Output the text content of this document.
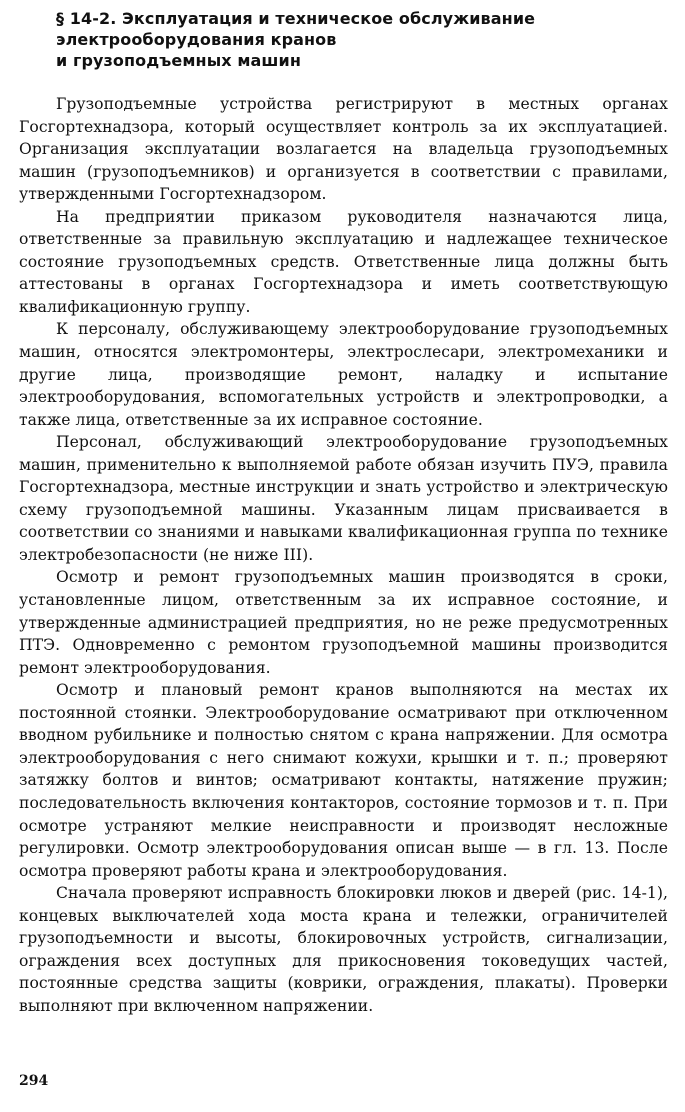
§ 14-2. Эксплуатация и техническое обслуживание
электрооборудования кранов
и грузоподъемных машин

Грузоподъемные устройства регистрируют в местных органах Госгортехнадзора, который осуществляет контроль за их эксплуатацией. Организация эксплуатации возлагается на владельца грузоподъемных машин (грузоподъемников) и организуется в соответствии с правилами, утвержденными Госгортехнадзором.

На предприятии приказом руководителя назначаются лица, ответственные за правильную эксплуатацию и надлежащее техническое состояние грузоподъемных средств. Ответственные лица должны быть аттестованы в органах Госгортехнадзора и иметь соответствующую квалификационную группу.

К персоналу, обслуживающему электрооборудование грузоподъемных машин, относятся электромонтеры, электрослесари, электромеханики и другие лица, производящие ремонт, наладку и испытание электрооборудования, вспомогательных устройств и электропроводки, а также лица, ответственные за их исправное состояние.

Персонал, обслуживающий электрооборудование грузоподъемных машин, применительно к выполняемой работе обязан изучить ПУЭ, правила Госгортехнадзора, местные инструкции и знать устройство и электрическую схему грузоподъемной машины. Указанным лицам присваивается в соответствии со знаниями и навыками квалификационная группа по технике электробезопасности (не ниже III).

Осмотр и ремонт грузоподъемных машин производятся в сроки, установленные лицом, ответственным за их исправное состояние, и утвержденные администрацией предприятия, но не реже предусмотренных ПТЭ. Одновременно с ремонтом грузоподъемной машины производится ремонт электрооборудования.

Осмотр и плановый ремонт кранов выполняются на местах их постоянной стоянки. Электрооборудование осматривают при отключенном вводном рубильнике и полностью снятом с крана напряжении. Для осмотра электрооборудования с него снимают кожухи, крышки и т. п.; проверяют затяжку болтов и винтов; осматривают контакты, натяжение пружин; последовательность включения контакторов, состояние тормозов и т. п. При осмотре устраняют мелкие неисправности и производят несложные регулировки. Осмотр электрооборудования описан выше — в гл. 13. После осмотра проверяют работы крана и электрооборудования.

Сначала проверяют исправность блокировки люков и дверей (рис. 14-1), концевых выключателей хода моста крана и тележки, ограничителей грузоподъемности и высоты, блокировочных устройств, сигнализации, ограждения всех доступных для прикосновения токоведущих частей, постоянные средства защиты (коврики, ограждения, плакаты). Проверки выполняют при включенном напряжении.

294
